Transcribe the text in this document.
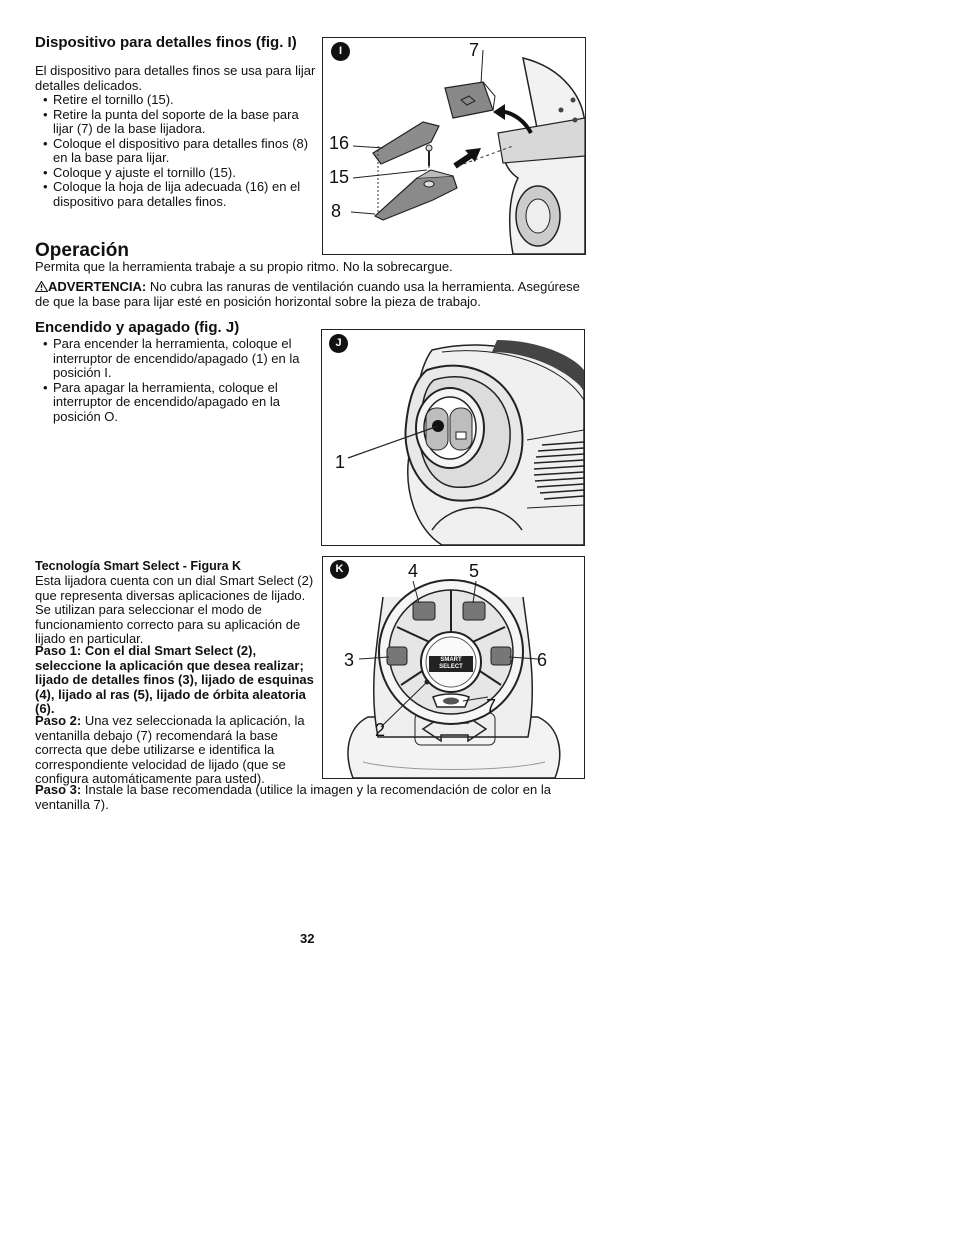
Dispositivo para detalles finos (fig. I)

El dispositivo para detalles finos se usa para lijar detalles delicados.

• Retire el tornillo (15).
• Retire la punta del soporte de la base para lijar (7) de la base lijadora.
• Coloque el dispositivo para detalles finos (8) en la base para lijar.
• Coloque y ajuste el tornillo (15).
• Coloque la hoja de lija adecuada (16) en el dispositivo para detalles finos.
I	7
16
15
8
Operación

Permita que la herramienta trabaje a su propio ritmo. No la sobrecargue.

ADVERTENCIA: No cubra las ranuras de ventilación cuando usa la herramienta. Asegúrese de que la base para lijar esté en posición horizontal sobre la pieza de trabajo.

Encendido y apagado (fig. J)
• Para encender la herramienta, coloque el interruptor de encendido/apagado (1) en la posición I.
• Para apagar la herramienta, coloque el interruptor de encendido/apagado en la posición O.
J
1
Tecnología Smart Select - Figura K

Esta lijadora cuenta con un dial Smart Select (2) que representa diversas aplicaciones de lijado. Se utilizan para seleccionar el modo de funcionamiento correcto para su aplicación de lijado en particular.

Paso 1: Con el dial Smart Select (2), seleccione la aplicación que desea realizar; lijado de detalles finos (3), lijado de esquinas (4), lijado al ras (5), lijado de órbita aleatoria (6).

Paso 2: Una vez seleccionada la aplicación, la ventanilla debajo (7) recomendará la base correcta que debe utilizarse e identifica la correspondiente velocidad de lijado (que se configura automáticamente para usted).

Paso 3: Instale la base recomendada (utilice la imagen y la recomendación de color en la ventanilla 7).

SMART SELECT
K	4	5
3	6
7
2
32
